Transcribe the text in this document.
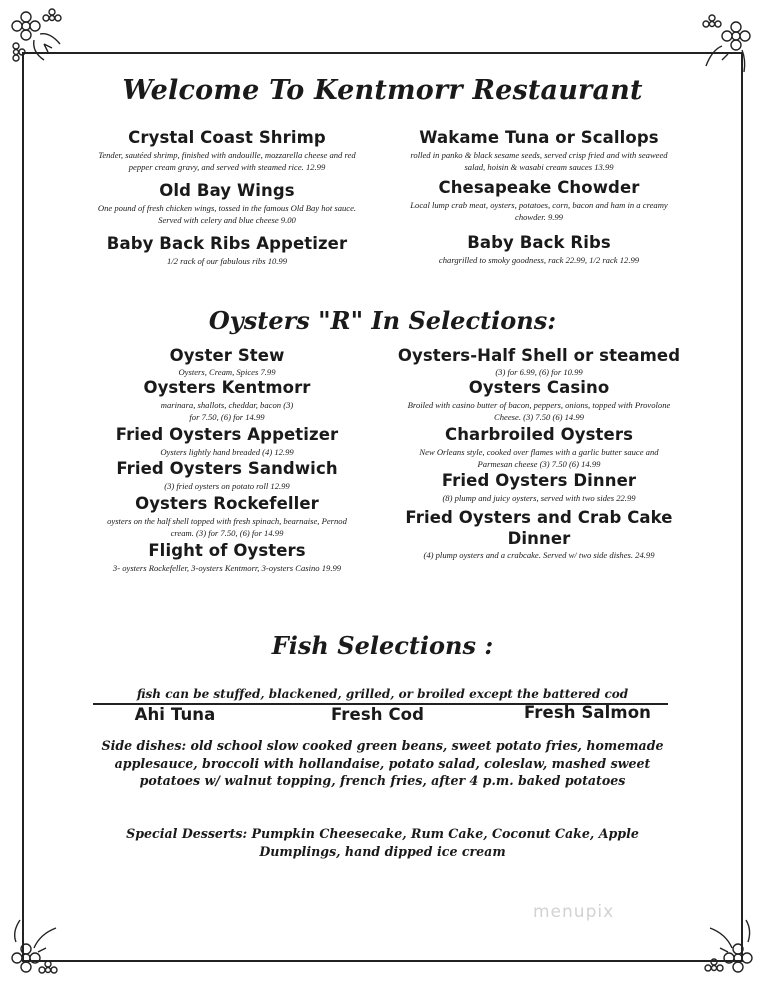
Welcome To Kentmorr Restaurant
Crystal Coast Shrimp
Tender, sautéed shrimp, finished with andouille, mozzarella cheese and red pepper cream gravy, and served with steamed rice. 12.99
Old Bay Wings
One pound of fresh chicken wings, tossed in the famous Old Bay hot sauce. Served with celery and blue cheese 9.00
Baby Back Ribs Appetizer
1/2 rack of our fabulous ribs 10.99
Wakame Tuna or Scallops
rolled in panko & black sesame seeds, served crisp fried and with seaweed salad, hoisin & wasabi cream sauces 13.99
Chesapeake Chowder
Local lump crab meat, oysters, potatoes, corn, bacon and ham in a creamy chowder. 9.99
Baby Back Ribs
chargrilled to smoky goodness, rack 22.99, 1/2 rack 12.99
Oysters "R" In Selections:
Oyster Stew
Oysters, Cream, Spices 7.99
Oysters Kentmorr
marinara, shallots, cheddar, bacon (3) for 7.50, (6) for 14.99
Fried Oysters Appetizer
Oysters lightly hand breaded (4) 12.99
Fried Oysters Sandwich
(3) fried oysters on potato roll 12.99
Oysters Rockefeller
oysters on the half shell topped with fresh spinach, bearnaise, Pernod cream. (3) for 7.50, (6) for 14.99
Flight of Oysters
3- oysters Rockefeller, 3-oysters Kentmorr, 3-oysters Casino 19.99
Oysters-Half Shell or steamed
(3) for 6.99, (6) for 10.99
Oysters Casino
Broiled with casino butter of bacon, peppers, onions, topped with Provolone Cheese. (3) 7.50 (6) 14.99
Charbroiled Oysters
New Orleans style, cooked over flames with a garlic butter sauce and Parmesan cheese (3) 7.50 (6) 14.99
Fried Oysters Dinner
(8) plump and juicy oysters, served with two sides 22.99
Fried Oysters and Crab Cake Dinner
(4) plump oysters and a crabcake. Served w/ two side dishes. 24.99
Fish Selections :
fish can be stuffed, blackened, grilled, or broiled except the battered cod
Ahi Tuna	Fresh Cod	Fresh Salmon
Side dishes: old school slow cooked green beans, sweet potato fries, homemade applesauce, broccoli with hollandaise, potato salad, coleslaw, mashed sweet potatoes w/ walnut topping, french fries, after 4 p.m. baked potatoes
Special Desserts: Pumpkin Cheesecake, Rum Cake, Coconut Cake, Apple Dumplings, hand dipped ice cream
menupix
